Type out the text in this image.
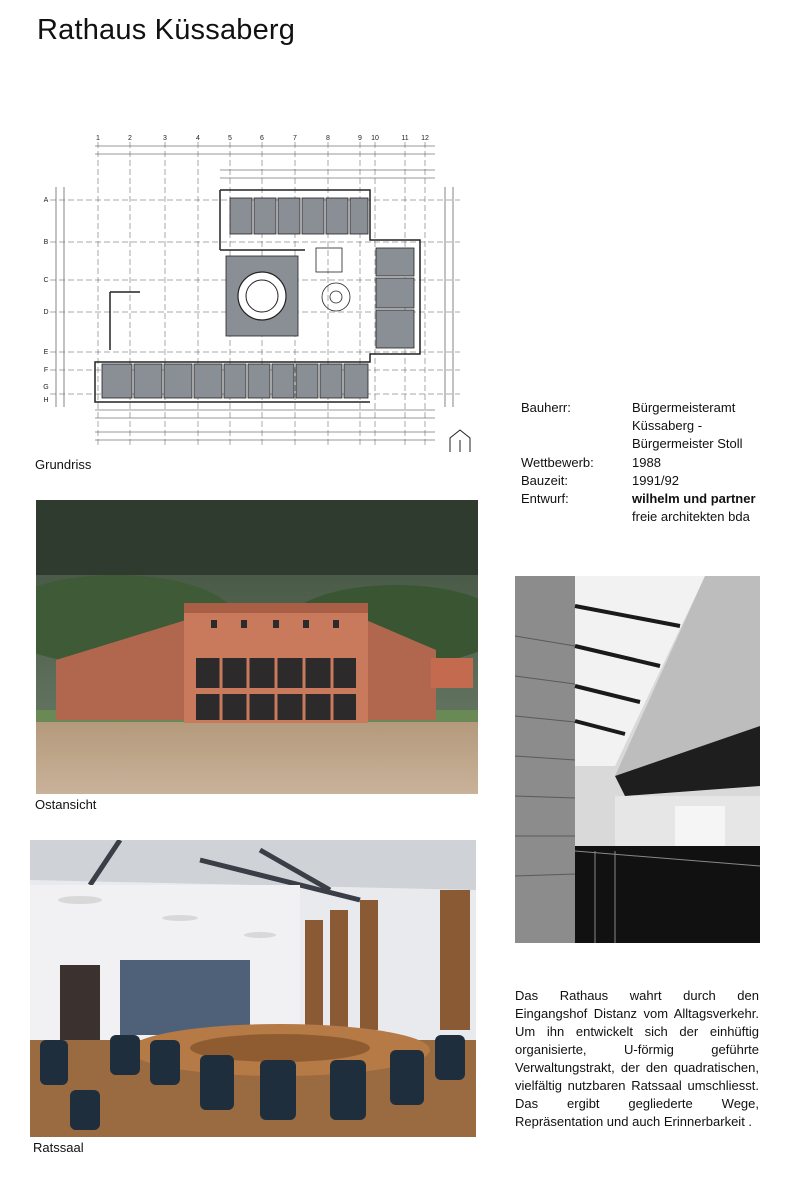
Rathaus Küssaberg
1	2	3	4	5	6	7	8	9 10	11 12
A
B
C
D
E
F
G
H
Grundriss
Bauherr:	Bürgermeisteramt
Küssaberg -
Bürgermeister Stoll
Wettbewerb:	1988
Bauzeit:	1991/92
Entwurf:	wilhelm und partner
freie architekten bda
Ostansicht
Ratssaal
Das Rathaus wahrt durch den Eingangshof Distanz vom Alltagsverkehr. Um ihn entwickelt sich der einhüftig organisierte, U-förmig geführte Verwaltungstrakt, der den quadratischen, vielfältig nutzbaren Ratssaal umschliesst. Das ergibt gegliederte Wege, Repräsentation und auch Erinnerbarkeit .
